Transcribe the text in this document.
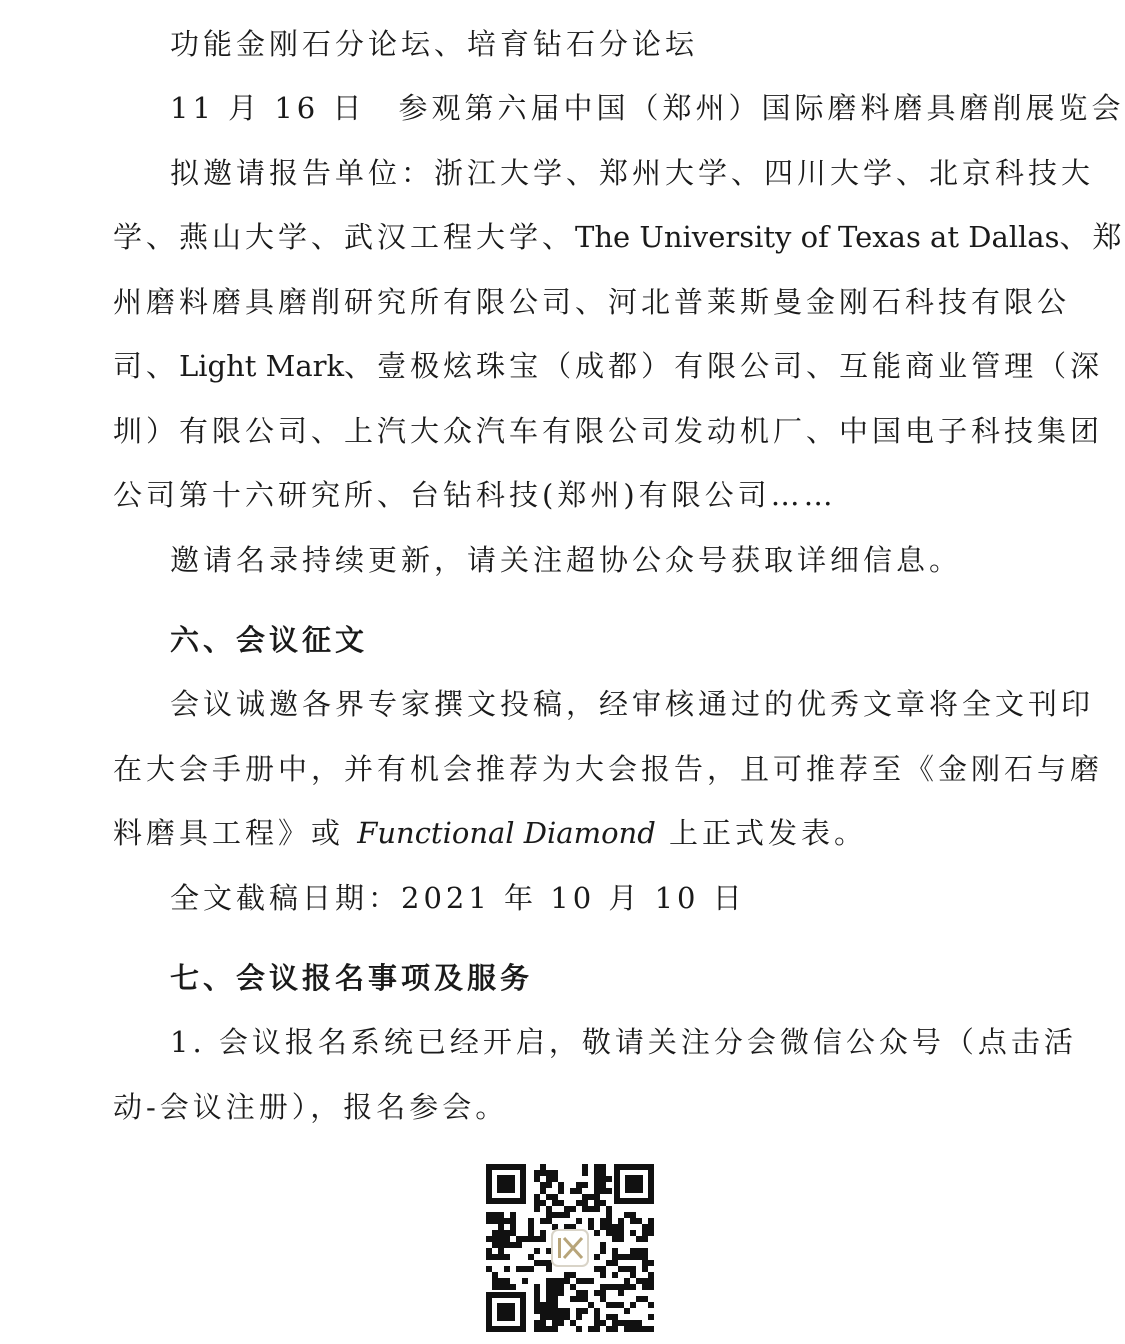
功能金刚石分论坛、培育钻石分论坛
11 月 16 日　参观第六届中国（郑州）国际磨料磨具磨削展览会
拟邀请报告单位：浙江大学、郑州大学、四川大学、北京科技大
学、燕山大学、武汉工程大学、The University of Texas at Dallas、郑
州磨料磨具磨削研究所有限公司、河北普莱斯曼金刚石科技有限公
司、Light Mark、壹极炫珠宝（成都）有限公司、互能商业管理（深
圳）有限公司、上汽大众汽车有限公司发动机厂、中国电子科技集团
公司第十六研究所、台钻科技(郑州)有限公司……
邀请名录持续更新，请关注超协公众号获取详细信息。
六、会议征文
会议诚邀各界专家撰文投稿，经审核通过的优秀文章将全文刊印
在大会手册中，并有机会推荐为大会报告，且可推荐至《金刚石与磨
料磨具工程》或 Functional Diamond 上正式发表。
全文截稿日期：2021 年 10 月 10 日
七、会议报名事项及服务
1. 会议报名系统已经开启，敬请关注分会微信公众号（点击活
动-会议注册），报名参会。
